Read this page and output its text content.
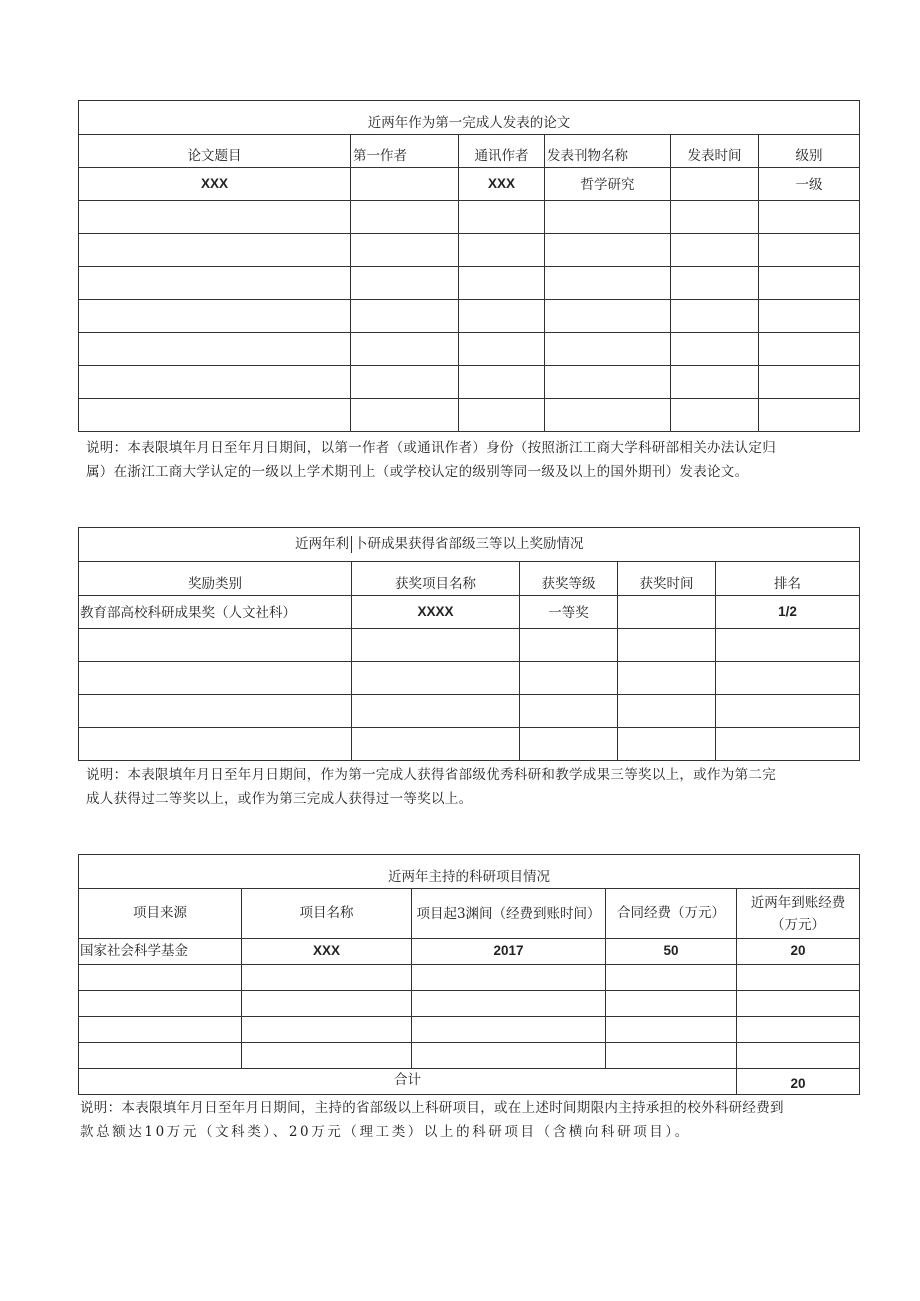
近两年作为第一完成人发表的论文					
论文题目	第一作者	通讯作者	发表刊物名称	发表时间	级别
XXX		XXX	哲学研究		一级

说明：本表限填年月日至年月日期间，以第一作者（或通讯作者）身份（按照浙江工商大学科研部相关办法认定归
属）在浙江工商大学认定的一级以上学术期刊上（或学校认定的级别等同一级及以上的国外期刊）发表论文。
近两年利 卜研成果获得省部级三等以上奖励情况				

奖励类别	获奖项目名称	获奖等级	获奖时间	排名
教育部高校科研成果奖（人文社科）	XXXX	一等奖		1/2

说明：本表限填年月日至年月日期间，作为第一完成人获得省部级优秀科研和教学成果三等奖以上，或作为第二完
成人获得过二等奖以上，或作为第三完成人获得过一等奖以上。
近两年主持的科研项目情况				
项目来源	项目名称	项目起3渊间（经费到账时间）	合同经费（万元）	近两年到账经费（万元）
国家社会科学基金	XXX	2017	50	20

合计				20
说明：本表限填年月日至年月日期间，主持的省部级以上科研项目，或在上述时间期限内主持承担的校外科研经费到
款总额达10万元（文科类）、20万元（理工类）以上的科研项目（含横向科研项目）。
